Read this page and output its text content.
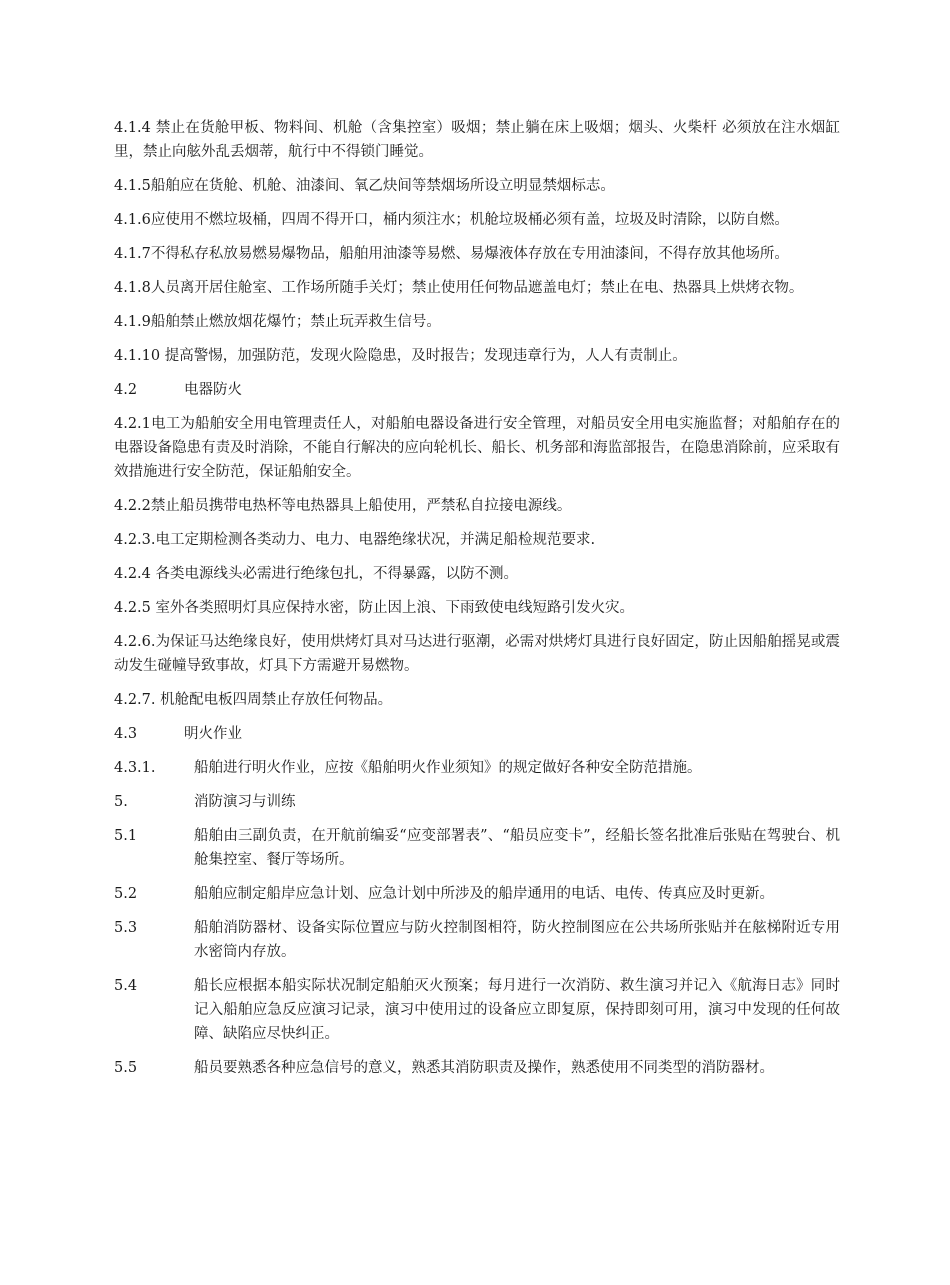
4.1.4 禁止在货舱甲板、物料间、机舱（含集控室）吸烟；禁止躺在床上吸烟；烟头、火柴杆 必须放在注水烟缸里，禁止向舷外乱丢烟蒂，航行中不得锁门睡觉。

4.1.5船舶应在货舱、机舱、油漆间、氧乙炔间等禁烟场所设立明显禁烟标志。

4.1.6应使用不燃垃圾桶，四周不得开口，桶内须注水；机舱垃圾桶必须有盖，垃圾及时清除，以防自燃。

4.1.7不得私存私放易燃易爆物品，船舶用油漆等易燃、易爆液体存放在专用油漆间，不得存放其他场所。

4.1.8人员离开居住舱室、工作场所随手关灯；禁止使用任何物品遮盖电灯；禁止在电、热器具上烘烤衣物。

4.1.9船舶禁止燃放烟花爆竹；禁止玩弄救生信号。

4.1.10 提高警惕，加强防范，发现火险隐患，及时报告；发现违章行为，人人有责制止。

4.2	电器防火

4.2.1电工为船舶安全用电管理责任人，对船舶电器设备进行安全管理，对船员安全用电实施监督；对船舶存在的电器设备隐患有责及时消除，不能自行解决的应向轮机长、船长、机务部和海监部报告，在隐患消除前，应采取有效措施进行安全防范，保证船舶安全。

4.2.2禁止船员携带电热杯等电热器具上船使用，严禁私自拉接电源线。

4.2.3.电工定期检测各类动力、电力、电器绝缘状况，并满足船检规范要求.

4.2.4 各类电源线头必需进行绝缘包扎，不得暴露，以防不测。

4.2.5 室外各类照明灯具应保持水密，防止因上浪、下雨致使电线短路引发火灾。

4.2.6.为保证马达绝缘良好，使用烘烤灯具对马达进行驱潮，必需对烘烤灯具进行良好固定，防止因船舶摇晃或震动发生碰幢导致事故，灯具下方需避开易燃物。

4.2.7. 机舱配电板四周禁止存放任何物品。

4.3	明火作业

4.3.1.	船舶进行明火作业，应按《船舶明火作业须知》的规定做好各种安全防范措施。
5.	消防演习与训练
5.1	船舶由三副负责，在开航前编妥“应变部署表”、“船员应变卡”，经船长签名批准后张贴在驾驶台、机舱集控室、餐厅等场所。
5.2	船舶应制定船岸应急计划、应急计划中所涉及的船岸通用的电话、电传、传真应及时更新。
5.3	船舶消防器材、设备实际位置应与防火控制图相符，防火控制图应在公共场所张贴并在舷梯附近专用水密筒内存放。
5.4	船长应根据本船实际状况制定船舶灭火预案；每月进行一次消防、救生演习并记入《航海日志》同时记入船舶应急反应演习记录，演习中使用过的设备应立即复原，保持即刻可用，演习中发现的任何故障、缺陷应尽快纠正。
5.5	船员要熟悉各种应急信号的意义，熟悉其消防职责及操作，熟悉使用不同类型的消防器材。
